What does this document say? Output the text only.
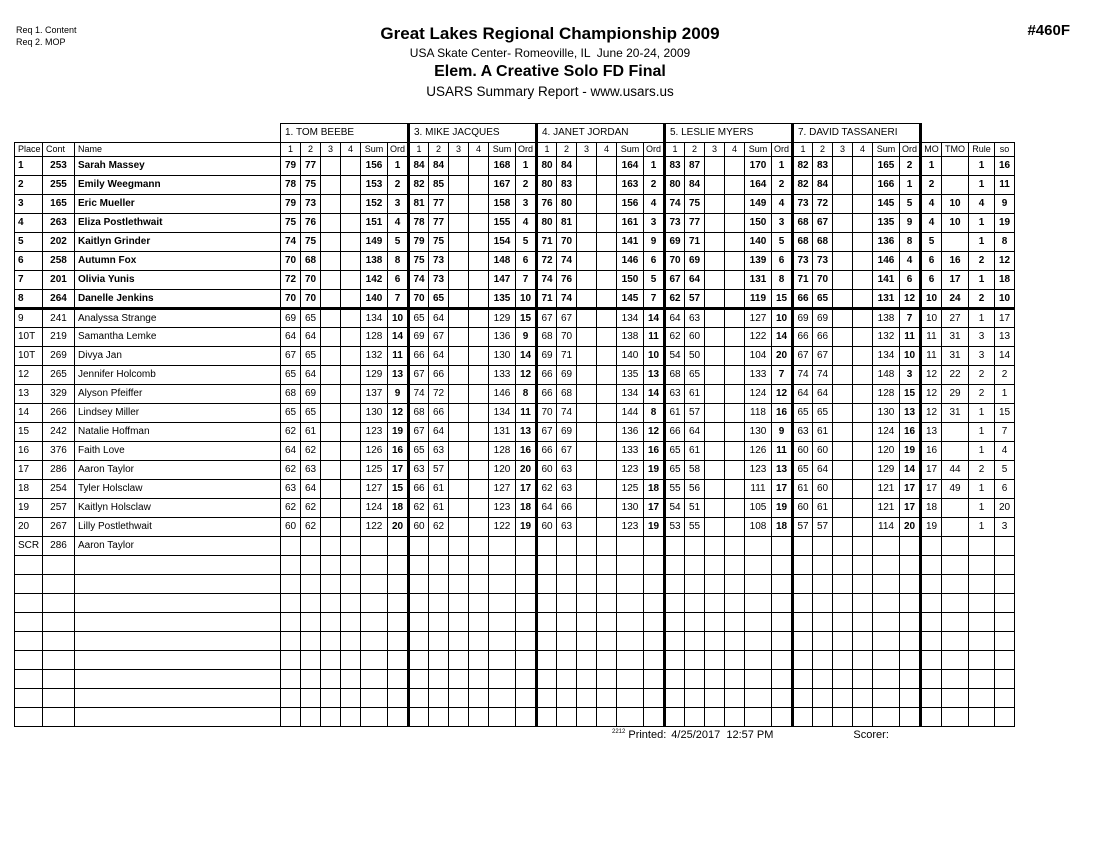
Req 1. Content
Req 2. MOP
#460F
Great Lakes Regional Championship 2009
USA Skate Center- Romeoville, IL  June 20-24, 2009
Elem. A Creative Solo FD Final
USARS Summary Report - www.usars.us
			1. TOM BEEBE						3. MIKE JACQUES						4. JANET JORDAN						5. LESLIE MYERS						7. DAVID TASSANERI									
Place	Cont	Name	1	2	3	4	Sum	Ord	1	2	3	4	Sum	Ord	1	2	3	4	Sum	Ord	1	2	3	4	Sum	Ord	1	2	3	4	Sum	Ord	MO	TMO	Rule	so
1	253	Sarah Massey	79	77			156	1	84	84			168	1	80	84			164	1	83	87			170	1	82	83			165	2	1		1	16
2	255	Emily Weegmann	78	75			153	2	82	85			167	2	80	83			163	2	80	84			164	2	82	84			166	1	2		1	11
3	165	Eric Mueller	79	73			152	3	81	77			158	3	76	80			156	4	74	75			149	4	73	72			145	5	4	10	4	9
4	263	Eliza Postlethwait	75	76			151	4	78	77			155	4	80	81			161	3	73	77			150	3	68	67			135	9	4	10	1	19
5	202	Kaitlyn Grinder	74	75			149	5	79	75			154	5	71	70			141	9	69	71			140	5	68	68			136	8	5		1	8
6	258	Autumn Fox	70	68			138	8	75	73			148	6	72	74			146	6	70	69			139	6	73	73			146	4	6	16	2	12
7	201	Olivia Yunis	72	70			142	6	74	73			147	7	74	76			150	5	67	64			131	8	71	70			141	6	6	17	1	18
8	264	Danelle Jenkins	70	70			140	7	70	65			135	10	71	74			145	7	62	57			119	15	66	65			131	12	10	24	2	10
9	241	Analyssa Strange	69	65			134	10	65	64			129	15	67	67			134	14	64	63			127	10	69	69			138	7	10	27	1	17
10T	219	Samantha Lemke	64	64			128	14	69	67			136	9	68	70			138	11	62	60			122	14	66	66			132	11	11	31	3	13
10T	269	Divya Jan	67	65			132	11	66	64			130	14	69	71			140	10	54	50			104	20	67	67			134	10	11	31	3	14
12	265	Jennifer Holcomb	65	64			129	13	67	66			133	12	66	69			135	13	68	65			133	7	74	74			148	3	12	22	2	2
13	329	Alyson Pfeiffer	68	69			137	9	74	72			146	8	66	68			134	14	63	61			124	12	64	64			128	15	12	29	2	1
14	266	Lindsey Miller	65	65			130	12	68	66			134	11	70	74			144	8	61	57			118	16	65	65			130	13	12	31	1	15
15	242	Natalie Hoffman	62	61			123	19	67	64			131	13	67	69			136	12	66	64			130	9	63	61			124	16	13		1	7
16	376	Faith Love	64	62			126	16	65	63			128	16	66	67			133	16	65	61			126	11	60	60			120	19	16		1	4
17	286	Aaron Taylor	62	63			125	17	63	57			120	20	60	63			123	19	65	58			123	13	65	64			129	14	17	44	2	5
18	254	Tyler Holsclaw	63	64			127	15	66	61			127	17	62	63			125	18	55	56			111	17	61	60			121	17	17	49	1	6
19	257	Kaitlyn Holsclaw	62	62			124	18	62	61			123	18	64	66			130	17	54	51			105	19	60	61			121	17	18		1	20
20	267	Lilly Postlethwait	60	62			122	20	60	62			122	19	60	63			123	19	53	55			108	18	57	57			114	20	19		1	3
SCR	286	Aaron Taylor																																		

2212 Printed: 4/25/2017  12:57 PM	Scorer:
